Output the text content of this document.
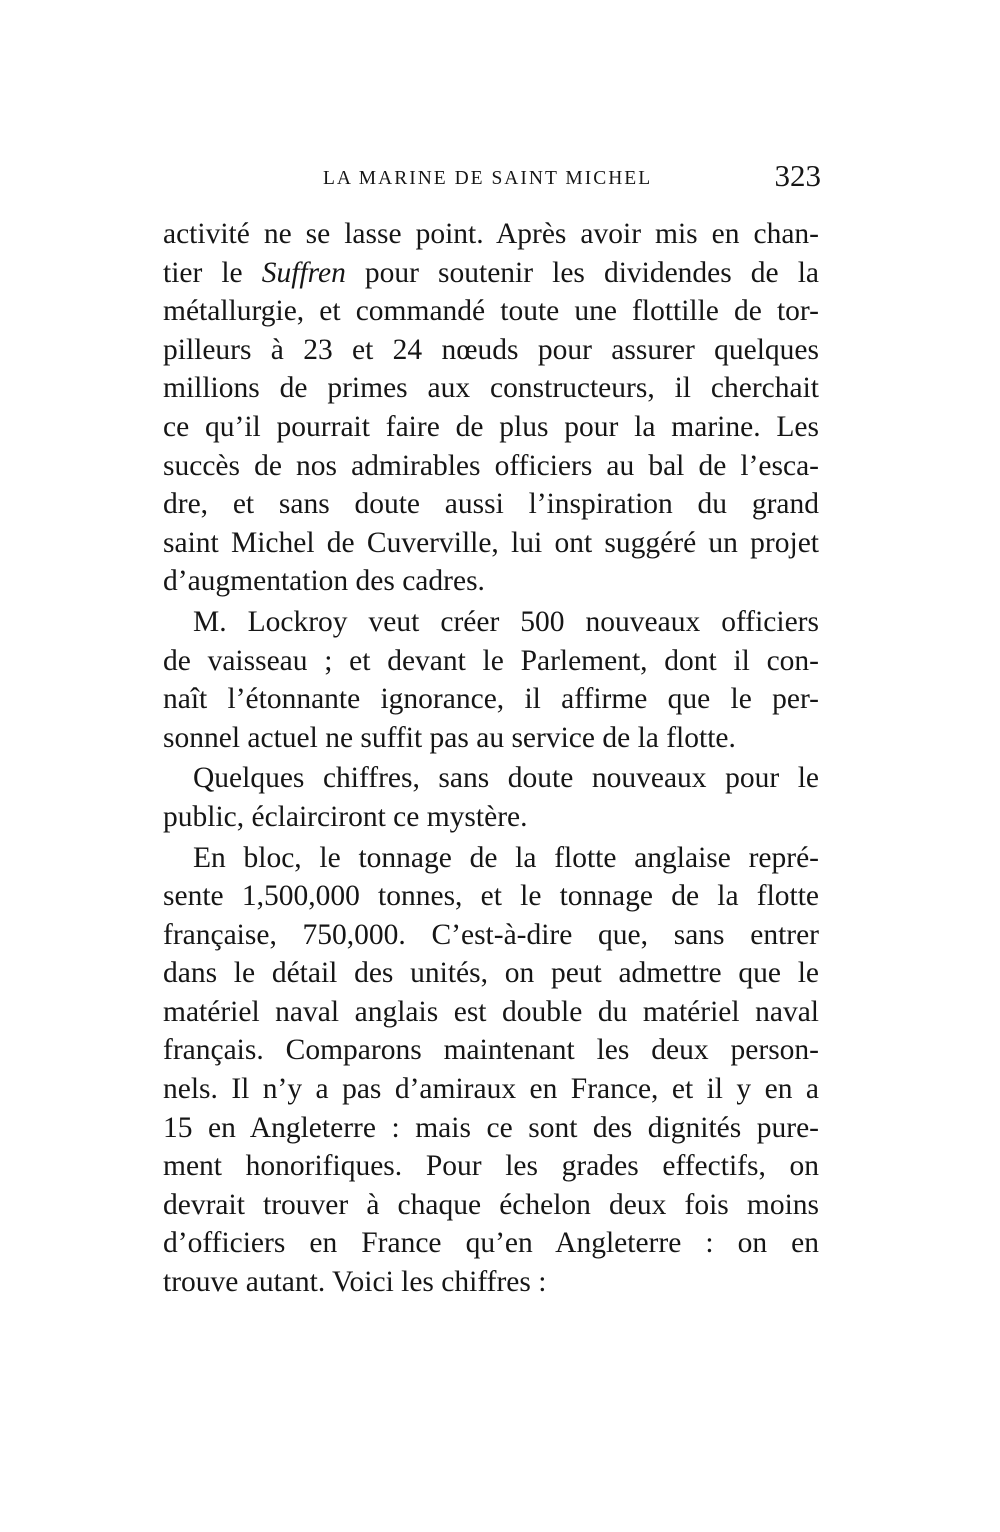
LA MARINE DE SAINT MICHEL	323
activité ne se lasse point. Après avoir mis en chan-
tier le Suffren pour soutenir les dividendes de la
métallurgie, et commandé toute une flottille de tor-
pilleurs à 23 et 24 nœuds pour assurer quelques
millions de primes aux constructeurs, il cherchait
ce qu’il pourrait faire de plus pour la marine. Les
succès de nos admirables officiers au bal de l’esca-
dre, et sans doute aussi l’inspiration du grand
saint Michel de Cuverville, lui ont suggéré un projet
d’augmentation des cadres.
M. Lockroy veut créer 500 nouveaux officiers
de vaisseau ; et devant le Parlement, dont il con-
naît l’étonnante ignorance, il affirme que le per-
sonnel actuel ne suffit pas au service de la flotte.
Quelques chiffres, sans doute nouveaux pour le
public, éclairciront ce mystère.
En bloc, le tonnage de la flotte anglaise repré-
sente 1,500,000 tonnes, et le tonnage de la flotte
française, 750,000. C’est-à-dire que, sans entrer
dans le détail des unités, on peut admettre que le
matériel naval anglais est double du matériel naval
français. Comparons maintenant les deux person-
nels. Il n’y a pas d’amiraux en France, et il y en a
15 en Angleterre : mais ce sont des dignités pure-
ment honorifiques. Pour les grades effectifs, on
devrait trouver à chaque échelon deux fois moins
d’officiers en France qu’en Angleterre : on en
trouve autant. Voici les chiffres :
